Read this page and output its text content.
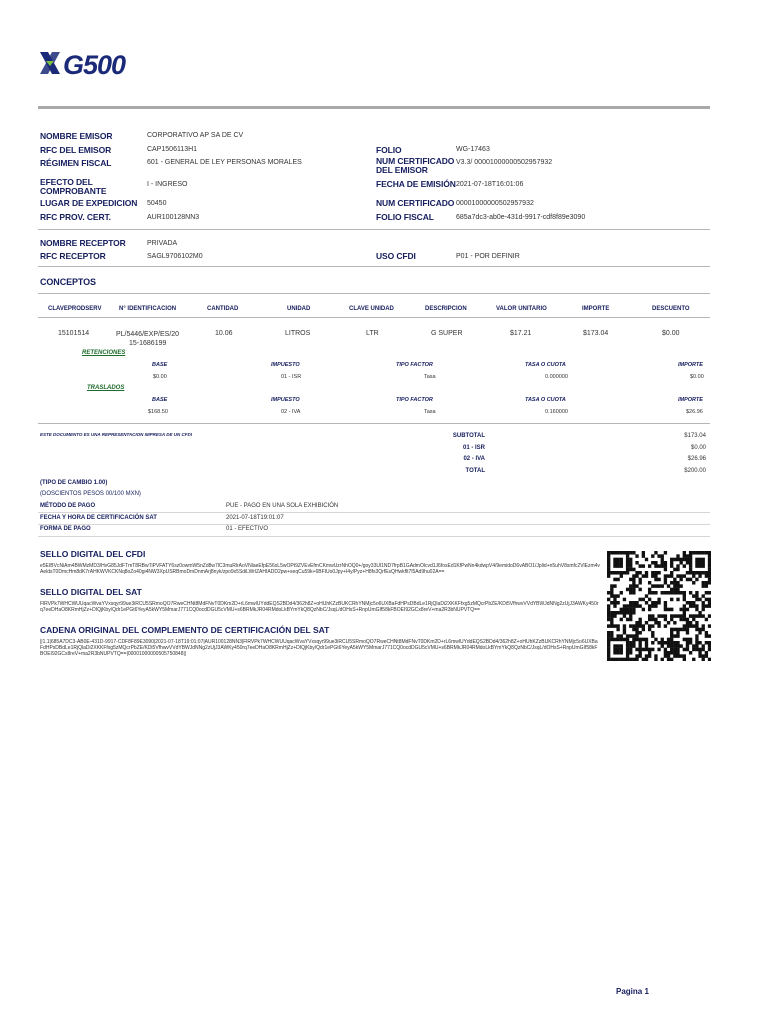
G500
NOMBRE EMISOR	CORPORATIVO AP SA DE CV
RFC DEL EMISOR	CAP1506113H1
RÉGIMEN FISCAL	601 - GENERAL DE LEY PERSONAS MORALES
EFECTO DEL
COMPROBANTE
I - INGRESO
LUGAR DE EXPEDICION 50450
RFC PROV. CERT.	AUR100128NN3
FOLIO	WG-17463
NUM CERTIFICADO
DEL EMISOR
V3.3/ 00001000000502957932
FECHA DE EMISIÓN 2021-07-18T16:01:06
NUM CERTIFICADO 00001000000502957932
FOLIO FISCAL	685a7dc3-ab0e-431d-9917-cdf8f89e3090
NOMBRE RECEPTOR	PRIVADA
RFC RECEPTOR	SAGL9706102M0	USO CFDI	P01 - POR DEFINIR
CONCEPTOS
CLAVEPRODSERV	N° IDENTIFICACION	CANTIDAD	UNIDAD	CLAVE UNIDAD	DESCRIPCION	VALOR UNITARIO	IMPORTE	DESCUENTO
15101514	PL/5446/EXP/ES/20
15-1686199
10.06	LITROS	LTR	G SUPER	$17.21	$173.04	$0.00
RETENCIONES
BASE	IMPUESTO	TIPO FACTOR	TASA O CUOTA	IMPORTE
$0.00	01 - ISR	Tasa	0.000000	$0.00
TRASLADOS
BASE	IMPUESTO	TIPO FACTOR	TASA O CUOTA	IMPORTE
$168.50	02 - IVA	Tasa	0.160000	$26.96
ESTE DOCUMENTO ES UNA REPRESENTACION IMPRESA DE UN CFDI	SUBTOTAL	$173.04
01 - ISR	$0.00
02 - IVA	$26.96
TOTAL	$200.00
(TIPO DE CAMBIO 1.00)
(DOSCIENTOS PESOS 00/100 MXN)
MÉTODO DE PAGO	PUE - PAGO EN UNA SOLA EXHIBICIÓN
FECHA Y HORA DE CERTIFICACIÓN SAT	2021-07-18T19:01:07
FORMA DE PAGO	01 - EFECTIVO
SELLO DIGITAL DEL CFDI
e5EIBVcNiAm4BWMzMD3/HvG85JdFTmT8RBwTiPVFATY6sz0owmW5nZd8w7lC3muRlrAoVNlaeEfpE56xL5wOPt9ZVEvEfmCKmwUzrNhOQ0+/goy33Ul1ND7frpB1GAdmOlcvd1J6fosEd1KfPwNn4kdwpV4/9emidoD6vABO1/Jplid+n5uhV8smfc2VlEzm4vAeldsT0DmcHm8dK7rAHKWVKCKNq8oZo40gi4NW3XpUSRBmoDmDnmArj8nyk/zpo9x5SdiLWrlZAHIADD2pw+seqCu59k+6BFIUo0Jpy+I4y/Pyz+H8fs3QrfEsQHwkflt7l5Ad9hu02A==
SELLO DIGITAL DEL SAT
FlRVPk7WHCWUUqacWvaYVxsqyr99ue3iRCU5SRmoQO7RweCHNt8MdFNvT0DKm2D+rL6mwlUYddEQS2BDd4/362h8Z+oHUhKZzBUKCRhYNMjc5o6UXBaFdHPsDBdLe1RjQlaDi2XKKFfxg5zMQcrPbZE/KDi5VfhwvVVdYBWJdNNg2zUjJ3AWKy450rq7eeDHaO8KRmHjZz+DIQjKby/Qdr1ePGt6YeyA5kWY5MmarJ771CQ0ocdDGU5cVMU+s6BRMkJR04RMdoLkBYmYkQ8QzNbC/JsqL/dOHsS+RnpUmGIf58kFBOEI92GCx8reV+ma2R3bNUPVTQ==
CADENA ORIGINAL DEL COMPLEMENTO DE CERTIFICACIÓN DEL SAT
||1.1|685A7DC3-AB0E-431D-9917-CDF8F89E3090|2021-07-18T19:01:07|AUR100128NN3|FlRVPk7WHCWUUqacWvaYVxsqyr99ue3iRCU5SRmoQO7RweCHNt8MdFNvT0DKm2D+rL6mwlUYddEQS2BDd4/362h8Z+oHUhKZzBUKCRhYNMjc5o6UXBaFdHPsDBdLe1RjQlaDi2XKKFfxg5zMQcrPbZE/KDi5VfhwvVVdYBWJdNNg2zUjJ3AWKy450rq7eeDHaO8KRmHjZz+DIQjKby/Qdr1ePGt6YeyA5kWY5MmarJ771CQ0ocdDGU5cVMU+s6BRMkJR04RMdoLkBYmYkQ8QzNbC/JsqL/dOHsS+RnpUmGIf58kFBOEI92GCx8reV+ma2R3bNUPVTQ==|00001000000505750848||
Pagina 1
